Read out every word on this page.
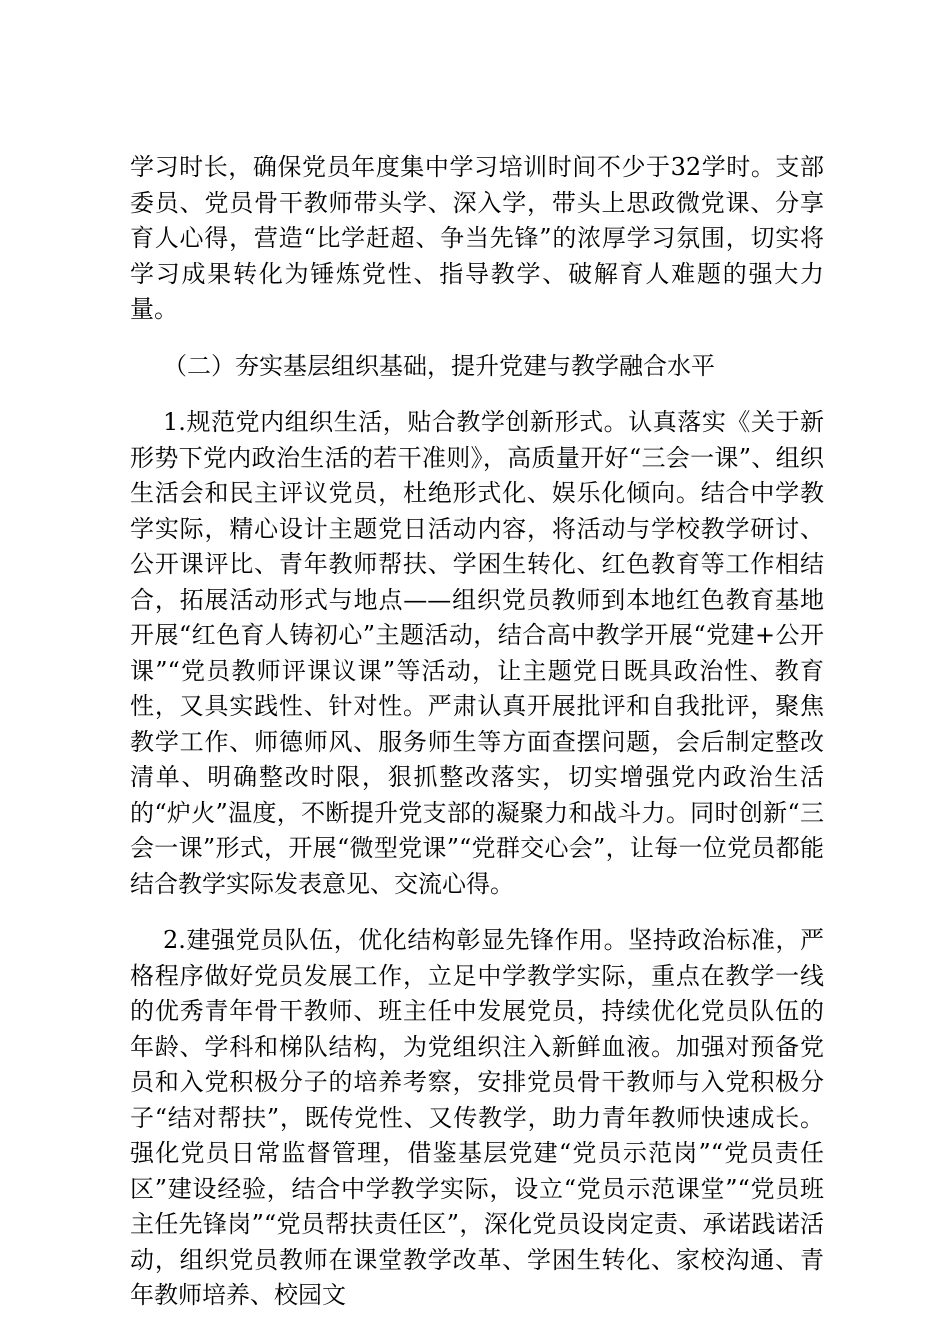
学习时长，确保党员年度集中学习培训时间不少于32学时。支部委员、党员骨干教师带头学、深入学，带头上思政微党课、分享育人心得，营造“比学赶超、争当先锋”的浓厚学习氛围，切实将学习成果转化为锤炼党性、指导教学、破解育人难题的强大力量。

（二）夯实基层组织基础，提升党建与教学融合水平

1.规范党内组织生活，贴合教学创新形式。认真落实《关于新形势下党内政治生活的若干准则》，高质量开好“三会一课”、组织生活会和民主评议党员，杜绝形式化、娱乐化倾向。结合中学教学实际，精心设计主题党日活动内容，将活动与学校教学研讨、公开课评比、青年教师帮扶、学困生转化、红色教育等工作相结合，拓展活动形式与地点——组织党员教师到本地红色教育基地开展“红色育人铸初心”主题活动，结合高中教学开展“党建+公开课”“党员教师评课议课”等活动，让主题党日既具政治性、教育性，又具实践性、针对性。严肃认真开展批评和自我批评，聚焦教学工作、师德师风、服务师生等方面查摆问题，会后制定整改清单、明确整改时限，狠抓整改落实，切实增强党内政治生活的“炉火”温度，不断提升党支部的凝聚力和战斗力。同时创新“三会一课”形式，开展“微型党课”“党群交心会”，让每一位党员都能结合教学实际发表意见、交流心得。

2.建强党员队伍，优化结构彰显先锋作用。坚持政治标准，严格程序做好党员发展工作，立足中学教学实际，重点在教学一线的优秀青年骨干教师、班主任中发展党员，持续优化党员队伍的年龄、学科和梯队结构，为党组织注入新鲜血液。加强对预备党员和入党积极分子的培养考察，安排党员骨干教师与入党积极分子“结对帮扶”，既传党性、又传教学，助力青年教师快速成长。强化党员日常监督管理，借鉴基层党建“党员示范岗”“党员责任区”建设经验，结合中学教学实际，设立“党员示范课堂”“党员班主任先锋岗”“党员帮扶责任区”，深化党员设岗定责、承诺践诺活动，组织党员教师在课堂教学改革、学困生转化、家校沟通、青年教师培养、校园文
